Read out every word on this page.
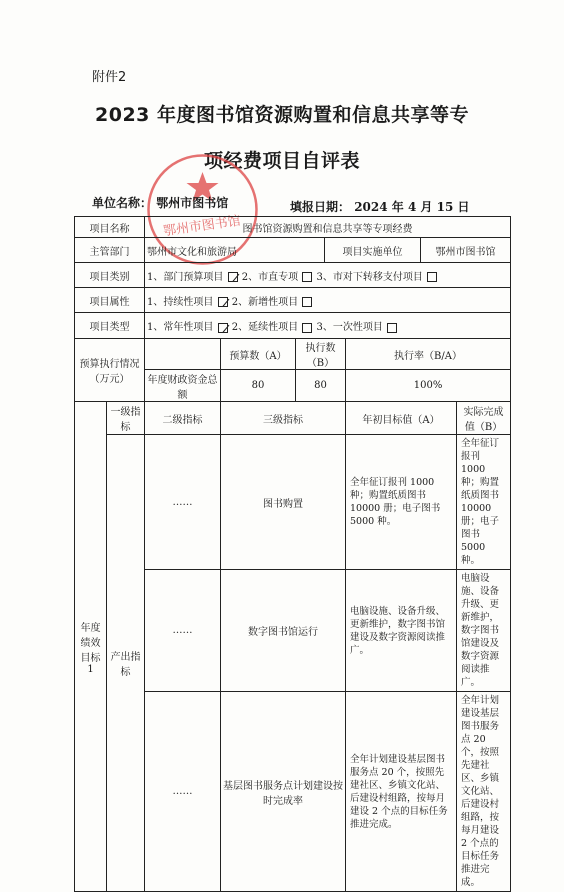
附件2
2023 年度图书馆资源购置和信息共享等专
项经费项目自评表
鄂州市图书馆
单位名称： 鄂州市图书馆	填报日期： 2024 年 4 月 15 日
项目名称		图书馆资源购置和信息共享等专项经费						
主管部门		鄂州市文化和旅游局			项目实施单位		鄂州市图书馆	
项目类别		1、部门预算项目 2、市直专项 3、市对下转移支付项目						
项目属性		1、持续性项目 2、新增性项目						
项目类型		1、常年性项目 2、延续性项目 3、一次性项目						
预算执行情况（万元）			预算数（A）	执行数（B）		执行率（B/A）		
		年度财政资金总额	80	80		100%		
年度绩效目标 1	一级指标	二级指标	三级指标			年初目标值（A）		实际完成值（B）
	产出指标	……	图书购置			全年征订报刊 1000 种；购置纸质图书 10000 册；电子图书 5000 种。		全年征订报刊 1000 种；购置纸质图书 10000 册；电子图书 5000 种。
		……	数字图书馆运行			电脑设施、设备升级、更新维护，数字图书馆建设及数字资源阅读推广。		电脑设施、设备升级、更新维护，数字图书馆建设及数字资源阅读推广。
		……	基层图书服务点计划建设按时完成率			全年计划建设基层图书服务点 20 个，按照先建社区、乡镇文化站、后建设村组路，按每月建设 2 个点的目标任务推进完成。		全年计划建设基层图书服务点 20 个，按照先建社区、乡镇文化站、后建设村组路，按每月建设 2 个点的目标任务推进完成。
